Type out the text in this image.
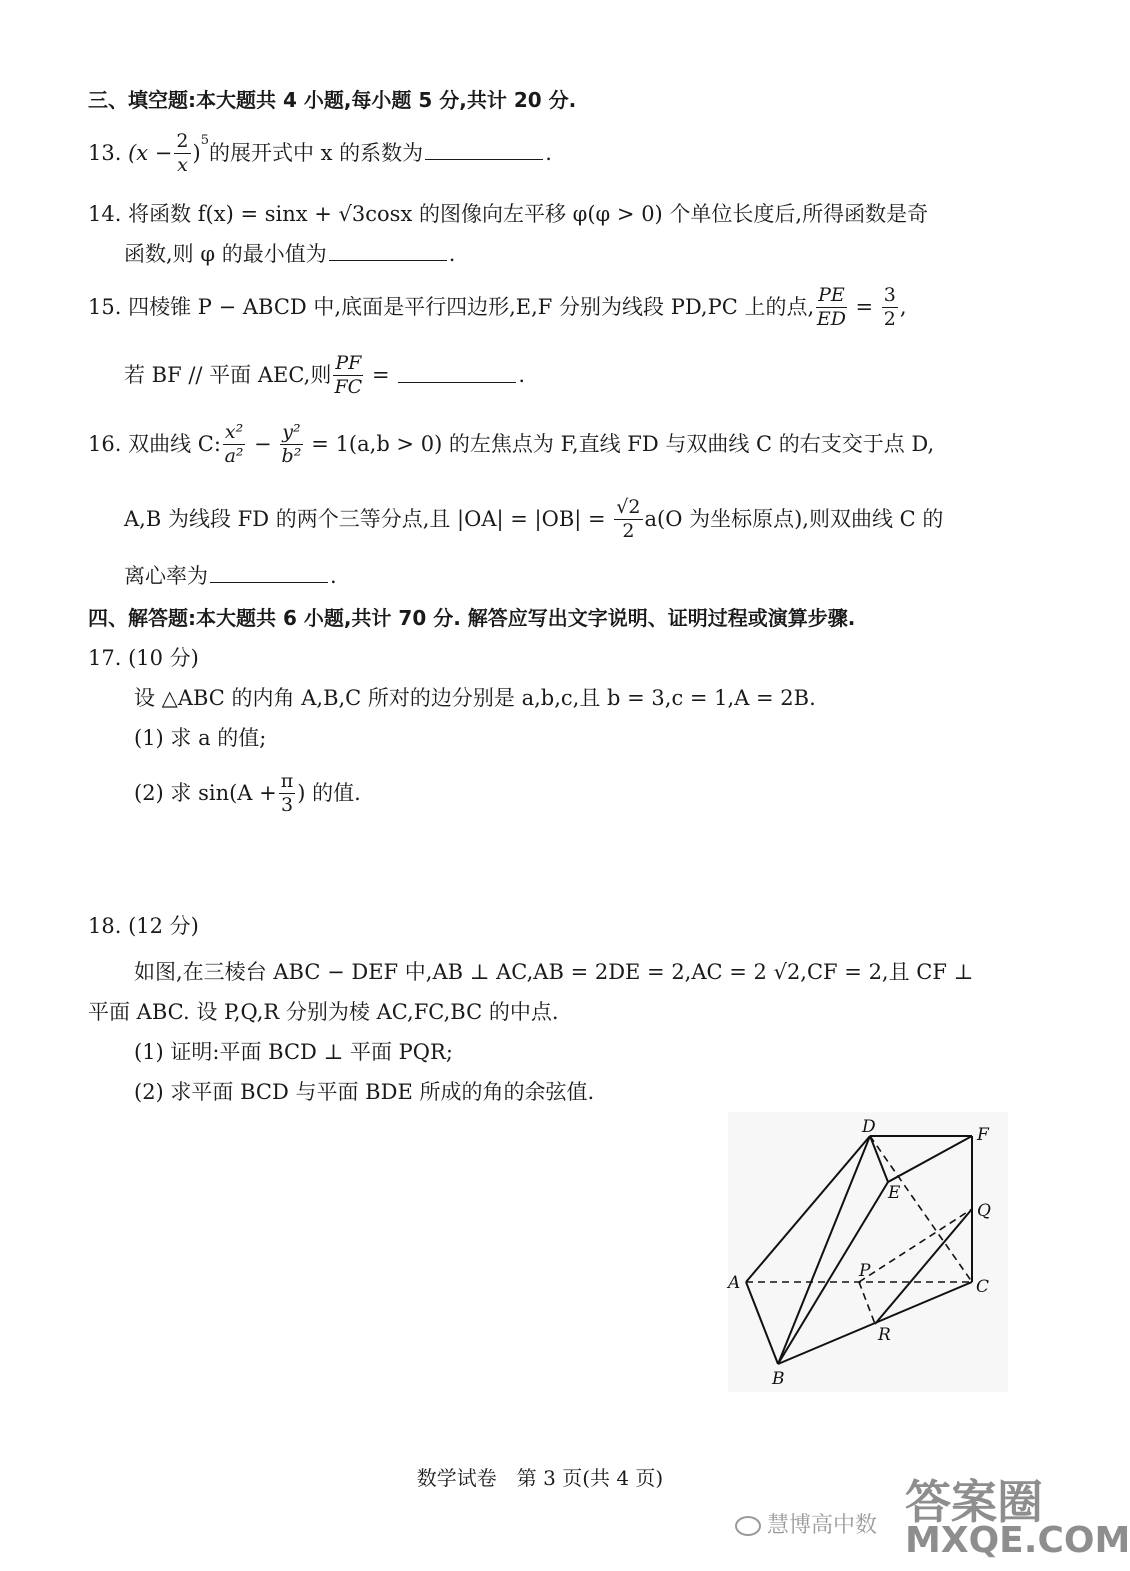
三、填空题:本大题共 4 小题,每小题 5 分,共计 20 分.
13.
($x - \frac{2}{x}$ ) 5 的展开式中 x 的系数为	.
14. 将函数 f(x) = sinx + √3cosx 的图像向左平移 φ(φ > 0) 个单位长度后,所得函数是奇
函数,则 φ 的最小值为	.
15.
四棱锥 P − ABCD 中,底面是平行四边形,E,F 分别为线段 PD,PC 上的点, $\frac{PE}{ED}$
=
$\frac{3}{2}$ ,
若 BF // 平面 AEC,则 $\frac{PF}{FC}$
=
	.
16.
双曲线 C: $\frac{\text{x²}}{\text{a²}}$
−
$\frac{\text{y²}}{\text{b²}}$
= 1(a,b > 0) 的左焦点为 F,直线 FD 与双曲线 C 的右支交于点 D,
A,B 为线段 FD 的两个三等分点,且 |OA| = |OB| =
$\frac{√2}{2} a(O$ 为坐标原点),则双曲线 C 的
离心率为	.
四、解答题:本大题共 6 小题,共计 70 分. 解答应写出文字说明、证明过程或演算步骤.
17. (10 分)
设 △ABC 的内角 A,B,C 所对的边分别是 a,b,c,且 b = 3,c = 1,A = 2B.
(1) 求 a 的值;
(2) 求 $\sin(A + \frac{\pi}{3}$ ) 的值.
18. (12 分)
如图,在三棱台 ABC − DEF 中,AB ⊥ AC,AB = 2DE = 2,AC = 2 √2,CF = 2,且 CF ⊥
平面 ABC. 设 P,Q,R 分别为棱 AC,FC,BC 的中点.
(1) 证明:平面 BCD ⊥ 平面 PQR;
(2) 求平面 BCD 与平面 BDE 所成的角的余弦值.
D	F
E
Q
A
P
C
R
B
数学试卷　第 3 页(共 4 页)
慧博高中数 答案圈
MXQE.COM
